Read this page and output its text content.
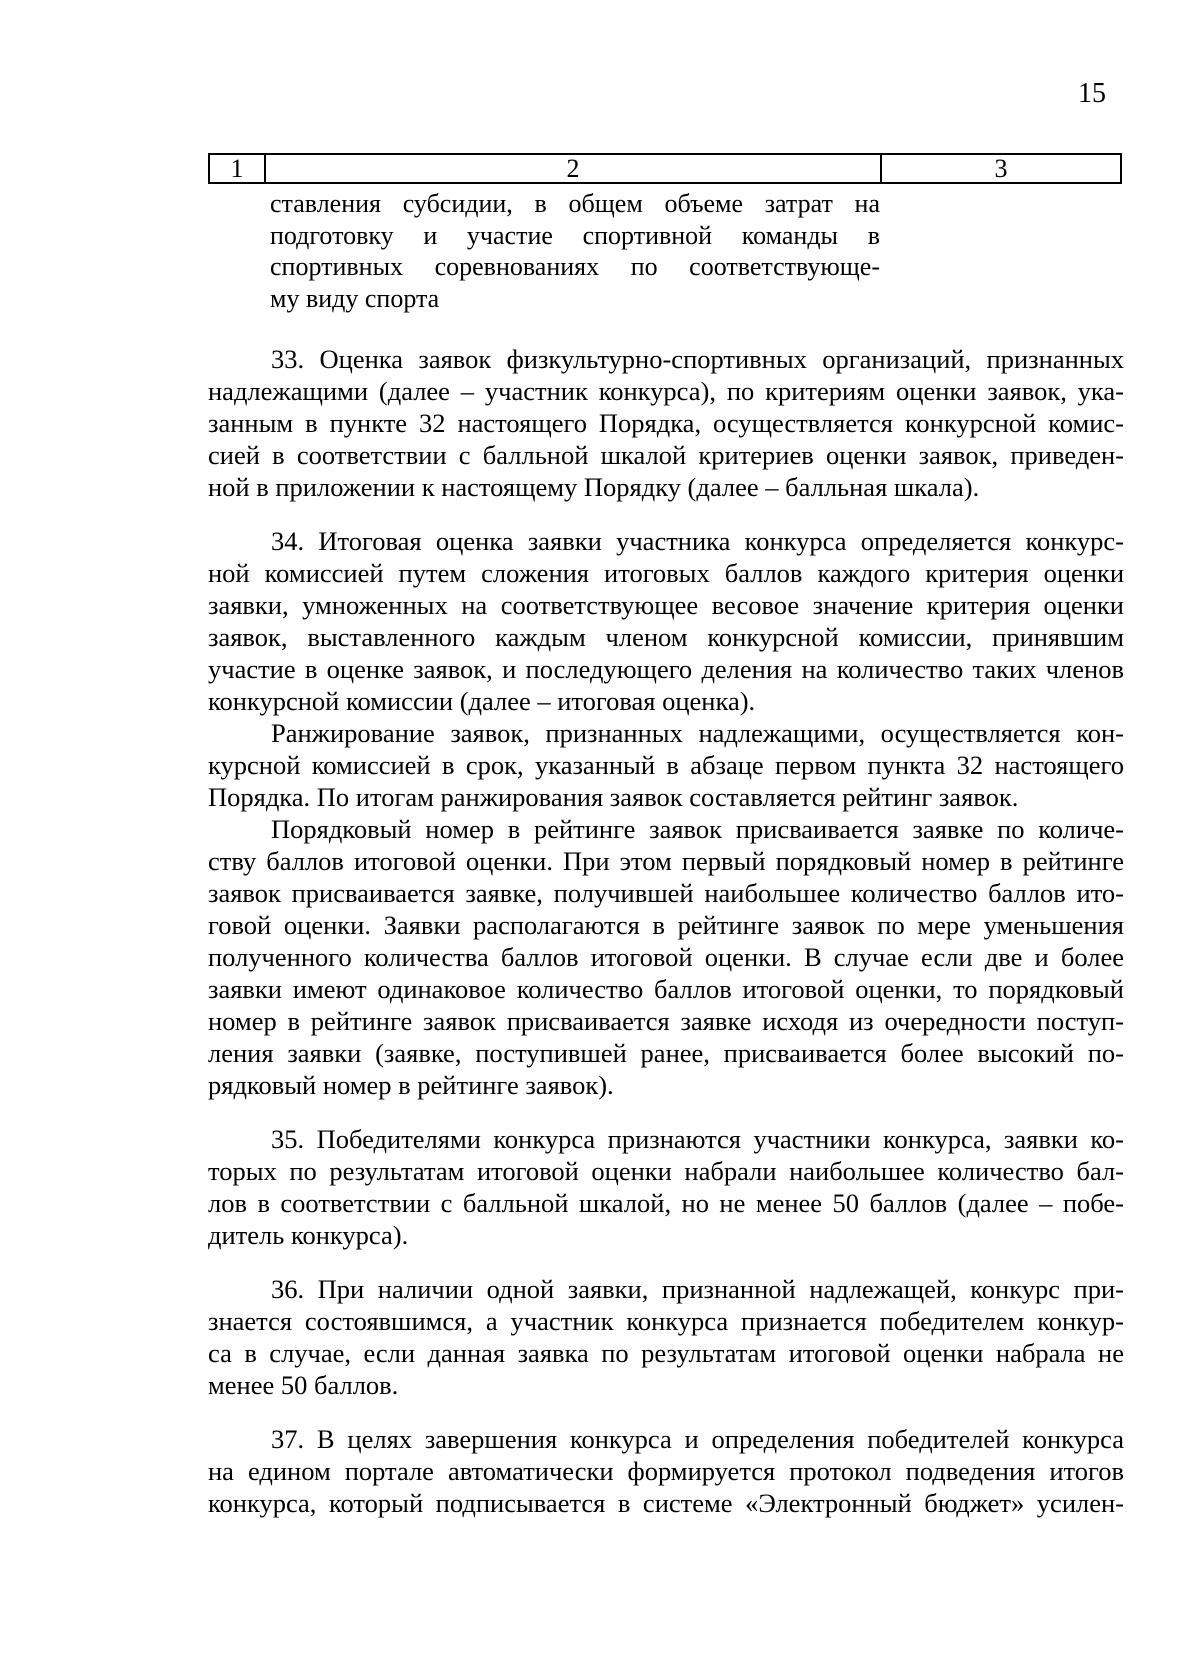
15
1	2	3
ставления субсидии, в общем объеме затрат на
подготовку и участие спортивной команды в
спортивных соревнованиях по соответствующе-
му виду спорта
33. Оценка заявок физкультурно-спортивных организаций, признанных
надлежащими (далее – участник конкурса), по критериям оценки заявок, ука-
занным в пункте 32 настоящего Порядка, осуществляется конкурсной комис-
сией в соответствии с балльной шкалой критериев оценки заявок, приведен-
ной в приложении к настоящему Порядку (далее – балльная шкала).
34. Итоговая оценка заявки участника конкурса определяется конкурс-
ной комиссией путем сложения итоговых баллов каждого критерия оценки
заявки, умноженных на соответствующее весовое значение критерия оценки
заявок, выставленного каждым членом конкурсной комиссии, принявшим
участие в оценке заявок, и последующего деления на количество таких членов
конкурсной комиссии (далее – итоговая оценка).
Ранжирование заявок, признанных надлежащими, осуществляется кон-
курсной комиссией в срок, указанный в абзаце первом пункта 32 настоящего
Порядка. По итогам ранжирования заявок составляется рейтинг заявок.
Порядковый номер в рейтинге заявок присваивается заявке по количе-
ству баллов итоговой оценки. При этом первый порядковый номер в рейтинге
заявок присваивается заявке, получившей наибольшее количество баллов ито-
говой оценки. Заявки располагаются в рейтинге заявок по мере уменьшения
полученного количества баллов итоговой оценки. В случае если две и более
заявки имеют одинаковое количество баллов итоговой оценки, то порядковый
номер в рейтинге заявок присваивается заявке исходя из очередности поступ-
ления заявки (заявке, поступившей ранее, присваивается более высокий по-
рядковый номер в рейтинге заявок).
35. Победителями конкурса признаются участники конкурса, заявки ко-
торых по результатам итоговой оценки набрали наибольшее количество бал-
лов в соответствии с балльной шкалой, но не менее 50 баллов (далее – побе-
дитель конкурса).
36. При наличии одной заявки, признанной надлежащей, конкурс при-
знается состоявшимся, а участник конкурса признается победителем конкур-
са в случае, если данная заявка по результатам итоговой оценки набрала не
менее 50 баллов.
37. В целях завершения конкурса и определения победителей конкурса
на едином портале автоматически формируется протокол подведения итогов
конкурса, который подписывается в системе «Электронный бюджет» усилен-
